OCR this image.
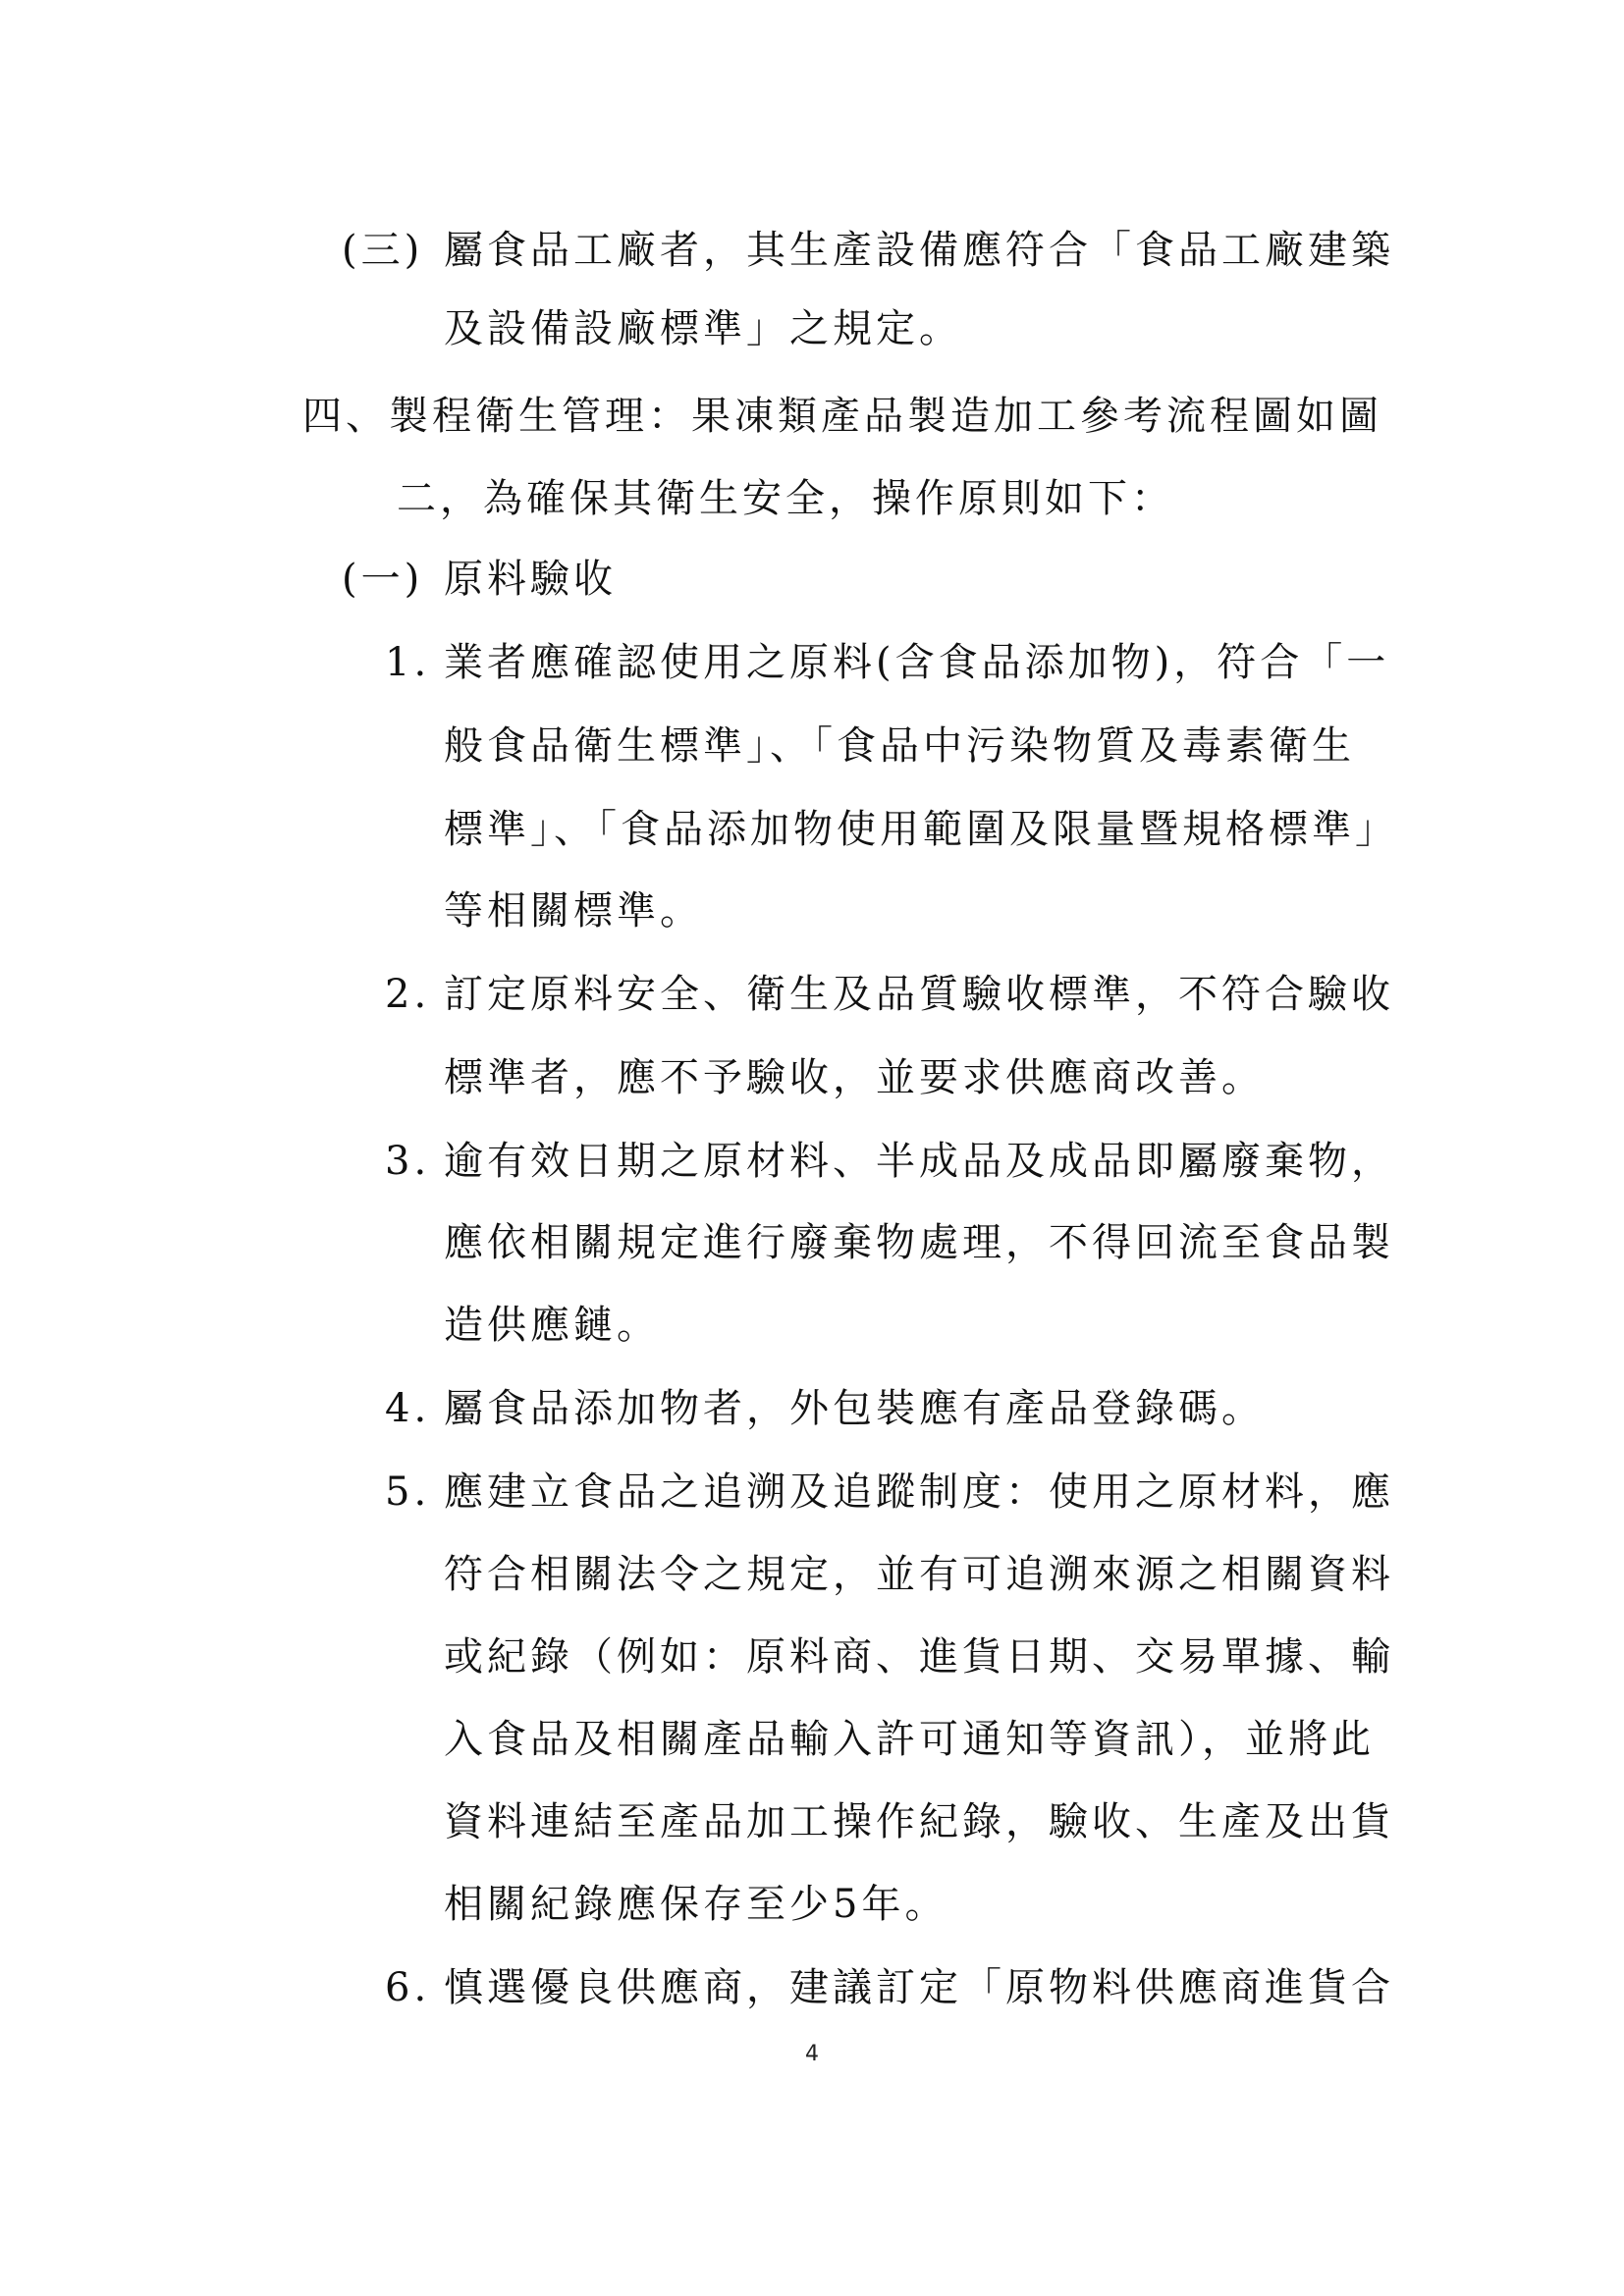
(三) 屬食品工廠者，其生產設備應符合「食品工廠建築
及設備設廠標準」之規定。
四、製程衛生管理：果凍類產品製造加工參考流程圖如圖
二，為確保其衛生安全，操作原則如下：
(一) 原料驗收
1. 業者應確認使用之原料(含食品添加物)，符合「一
般食品衛生標準」、「食品中污染物質及毒素衛生
標準」、「食品添加物使用範圍及限量暨規格標準」
等相關標準。
2. 訂定原料安全、衛生及品質驗收標準，不符合驗收
標準者，應不予驗收，並要求供應商改善。
3. 逾有效日期之原材料、半成品及成品即屬廢棄物，
應依相關規定進行廢棄物處理，不得回流至食品製
造供應鏈。
4. 屬食品添加物者，外包裝應有產品登錄碼。
5. 應建立食品之追溯及追蹤制度：使用之原材料，應
符合相關法令之規定，並有可追溯來源之相關資料
或紀錄（例如：原料商、進貨日期、交易單據、輸
入食品及相關產品輸入許可通知等資訊），並將此
資料連結至產品加工操作紀錄，驗收、生產及出貨
相關紀錄應保存至少5年。
6. 慎選優良供應商，建議訂定「原物料供應商進貨合
4
